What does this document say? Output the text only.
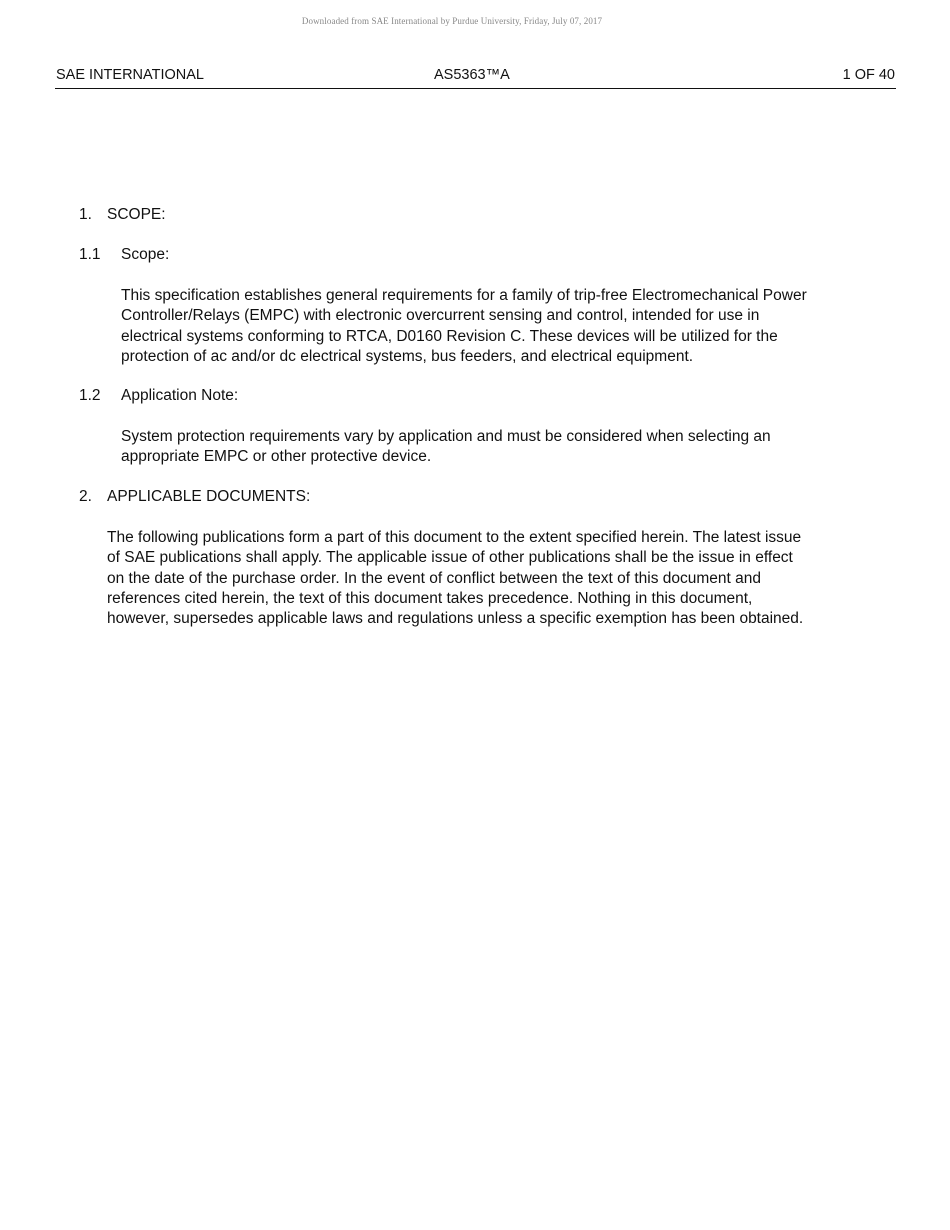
Downloaded from SAE International by Purdue University, Friday, July 07, 2017
SAE INTERNATIONAL	AS5363™A	1 OF 40
1. SCOPE:
1.1 Scope:
This specification establishes general requirements for a family of trip-free Electromechanical Power
Controller/Relays (EMPC) with electronic overcurrent sensing and control, intended for use in
electrical systems conforming to RTCA, D0160 Revision C. These devices will be utilized for the
protection of ac and/or dc electrical systems, bus feeders, and electrical equipment.
1.2 Application Note:
System protection requirements vary by application and must be considered when selecting an
appropriate EMPC or other protective device.
2. APPLICABLE DOCUMENTS:
The following publications form a part of this document to the extent specified herein. The latest issue
of SAE publications shall apply. The applicable issue of other publications shall be the issue in effect
on the date of the purchase order. In the event of conflict between the text of this document and
references cited herein, the text of this document takes precedence. Nothing in this document,
however, supersedes applicable laws and regulations unless a specific exemption has been obtained.
